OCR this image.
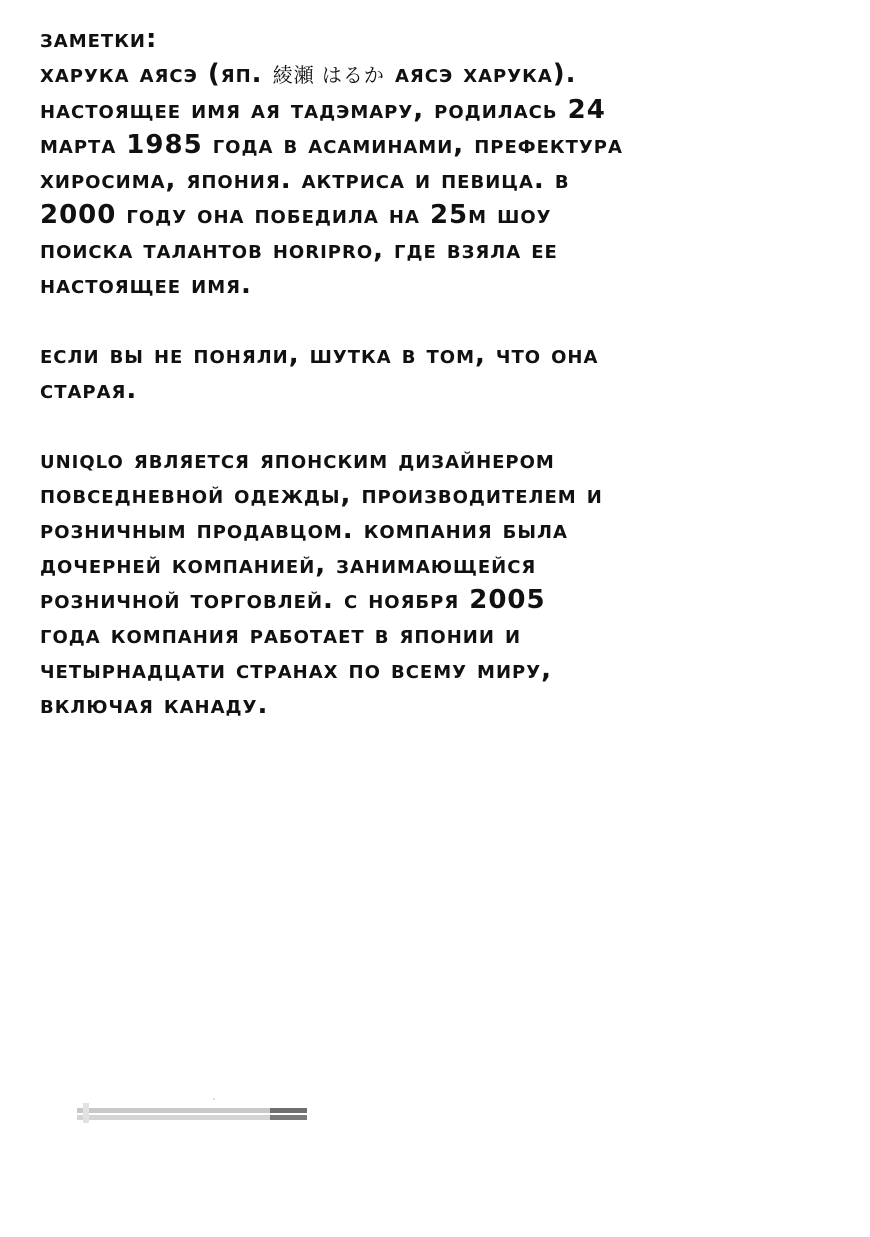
заметки:
харука аясэ (яп. 綾瀬 はるか аясэ харука).
настоящее имя ая тадэмару, родилась 24
марта 1985 года в асаминами, префектура
хиросима, япония. актриса и певица. в
2000 году она победила на 25м шоу
поиска талантов horipro, где взяла ее
настоящее имя.
если вы не поняли, шутка в том, что она
старая.
uniqlo является японским дизайнером
повседневной одежды, производителем и
розничным продавцом. компания была
дочерней компанией, занимающейся
розничной торговлей. с ноября 2005
года компания работает в японии и
четырнадцати странах по всему миру,
включая канаду.
